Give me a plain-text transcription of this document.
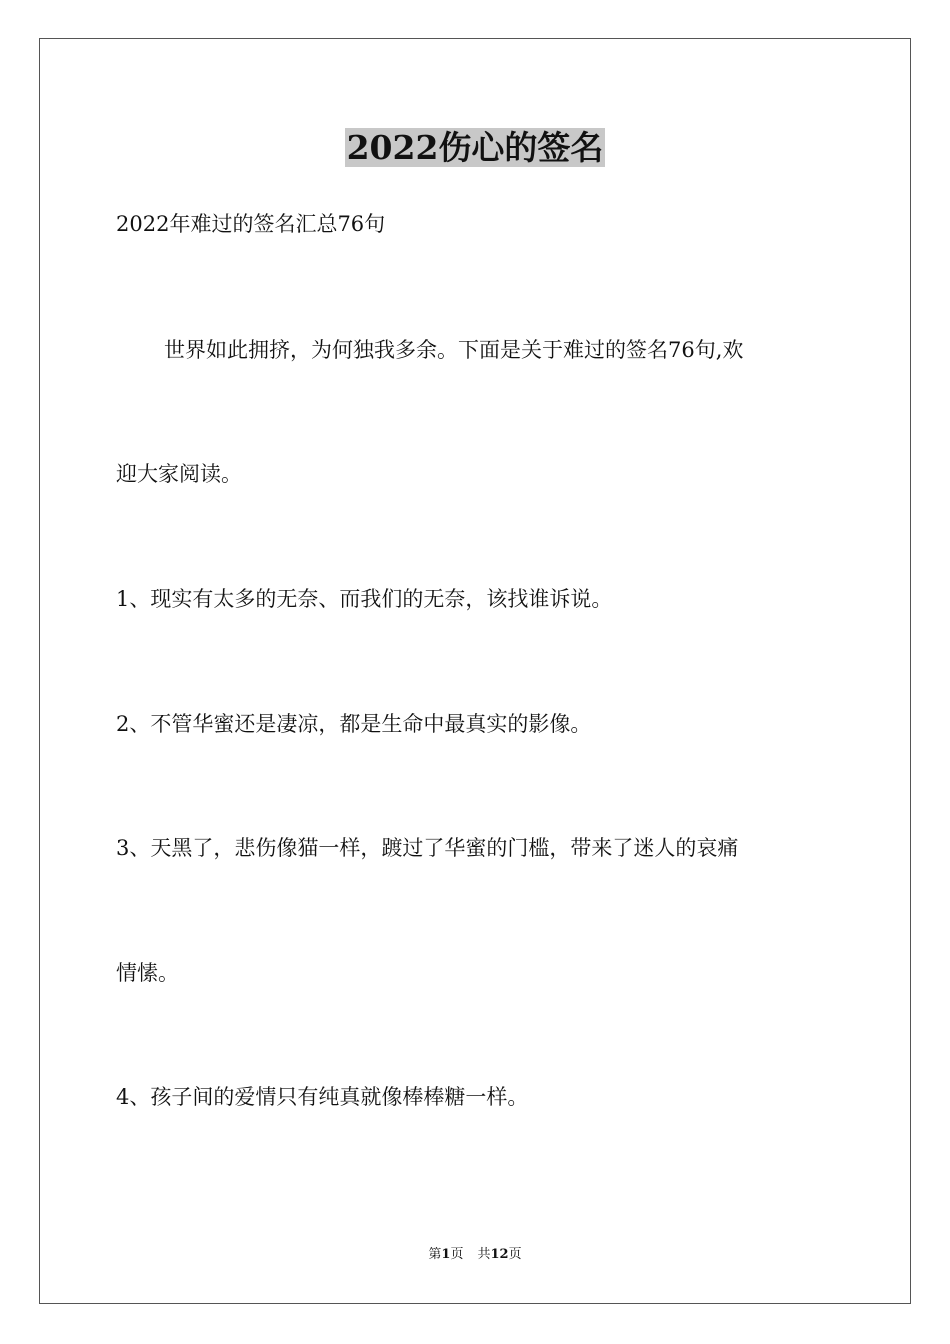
2022伤心的签名
2022年难过的签名汇总76句
世界如此拥挤，为何独我多余。下面是关于难过的签名76句,欢
迎大家阅读。
1、现实有太多的无奈、而我们的无奈，该找谁诉说。
2、不管华蜜还是凄凉，都是生命中最真实的影像。
3、天黑了，悲伤像猫一样，踱过了华蜜的门槛，带来了迷人的哀痛
情愫。
4、孩子间的爱情只有纯真就像棒棒糖一样。
第1页 共12页
